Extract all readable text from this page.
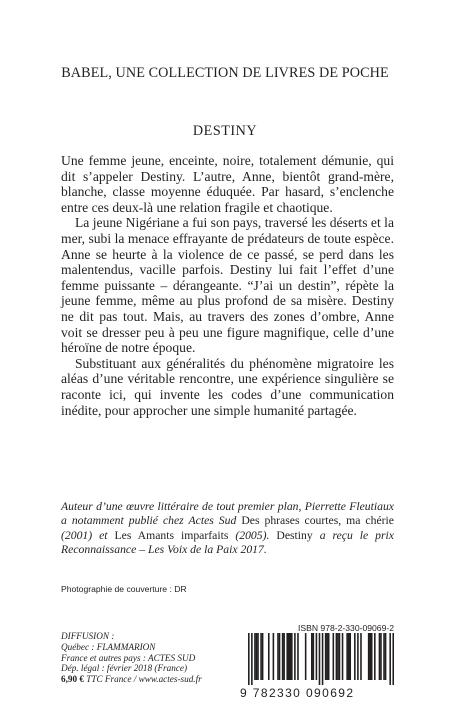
BABEL, UNE COLLECTION DE LIVRES DE POCHE
DESTINY

Une femme jeune, enceinte, noire, totalement démunie, qui dit s’appeler Destiny. L’autre, Anne, bientôt grand-mère, blanche, classe moyenne éduquée. Par hasard, s’enclenche entre ces deux-là une relation fragile et chaotique.

La jeune Nigériane a fui son pays, traversé les déserts et la mer, subi la menace effrayante de prédateurs de toute espèce. Anne se heurte à la violence de ce passé, se perd dans les malentendus, vacille parfois. Destiny lui fait l’effet d’une femme puissante – dérangeante. “J’ai un destin”, répète la jeune femme, même au plus profond de sa misère. Destiny ne dit pas tout. Mais, au travers des zones d’ombre, Anne voit se dresser peu à peu une figure magnifique, celle d’une héroïne de notre époque.

Substituant aux généralités du phénomène migratoire les aléas d’une véritable rencontre, une expérience singulière se raconte ici, qui invente les codes d’une communication inédite, pour approcher une simple humanité partagée.

Auteur d’une œuvre littéraire de tout premier plan, Pierrette Fleutiaux a notamment publié chez Actes Sud Des phrases courtes, ma chérie (2001) et Les Amants imparfaits (2005). Destiny a reçu le prix Reconnaissance – Les Voix de la Paix 2017.
Photographie de couverture : DR
DIFFUSION :
Québec : FLAMMARION
France et autres pays : ACTES SUD
Dép. légal : février 2018 (France)
6,90 € TTC France / www.actes-sud.fr
ISBN 978-2-330-09069-2
9 782330 090692
